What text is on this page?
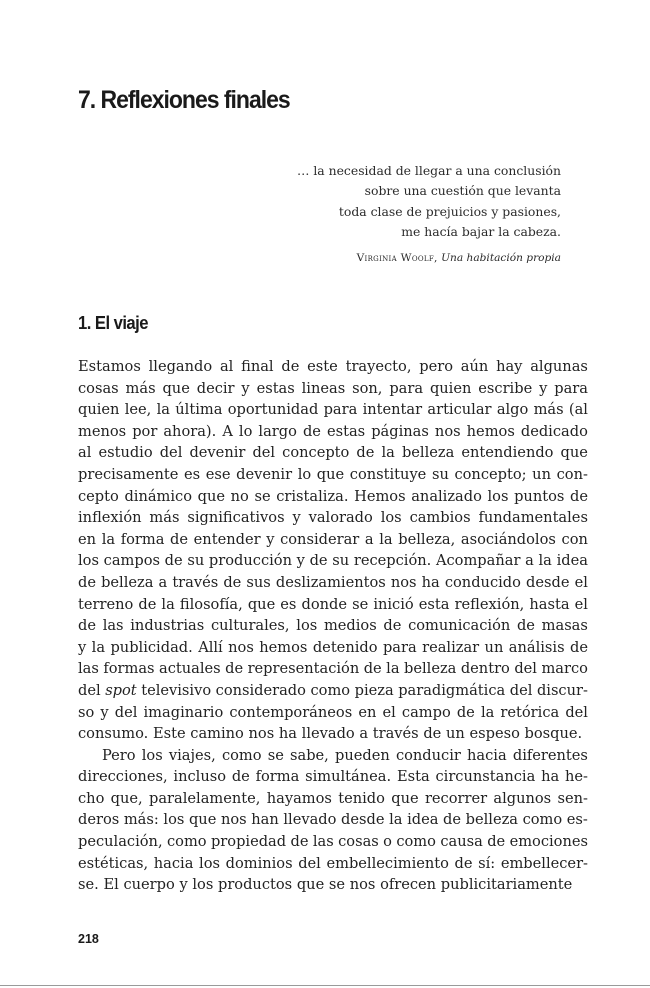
7. Reflexiones finales
… la necesidad de llegar a una conclusión
sobre una cuestión que levanta
toda clase de prejuicios y pasiones,
me hacía bajar la cabeza.
Virginia Woolf, Una habitación propia
1. El viaje
Estamos llegando al final de este trayecto, pero aún hay algunas
cosas más que decir y estas lineas son, para quien escribe y para
quien lee, la última oportunidad para intentar articular algo más (al
menos por ahora). A lo largo de estas páginas nos hemos dedicado
al estudio del devenir del concepto de la belleza entendiendo que
precisamente es ese devenir lo que constituye su concepto; un con-
cepto dinámico que no se cristaliza. Hemos analizado los puntos de
inflexión más significativos y valorado los cambios fundamentales
en la forma de entender y considerar a la belleza, asociándolos con
los campos de su producción y de su recepción. Acompañar a la idea
de belleza a través de sus deslizamientos nos ha conducido desde el
terreno de la filosofía, que es donde se inició esta reflexión, hasta el
de las industrias culturales, los medios de comunicación de masas
y la publicidad. Allí nos hemos detenido para realizar un análisis de
las formas actuales de representación de la belleza dentro del marco
del spot televisivo considerado como pieza paradigmática del discur-
so y del imaginario contemporáneos en el campo de la retórica del
consumo. Este camino nos ha llevado a través de un espeso bosque.
Pero los viajes, como se sabe, pueden conducir hacia diferentes
direcciones, incluso de forma simultánea. Esta circunstancia ha he-
cho que, paralelamente, hayamos tenido que recorrer algunos sen-
deros más: los que nos han llevado desde la idea de belleza como es-
peculación, como propiedad de las cosas o como causa de emociones
estéticas, hacia los dominios del embellecimiento de sí: embellecer-
se. El cuerpo y los productos que se nos ofrecen publicitariamente
218
